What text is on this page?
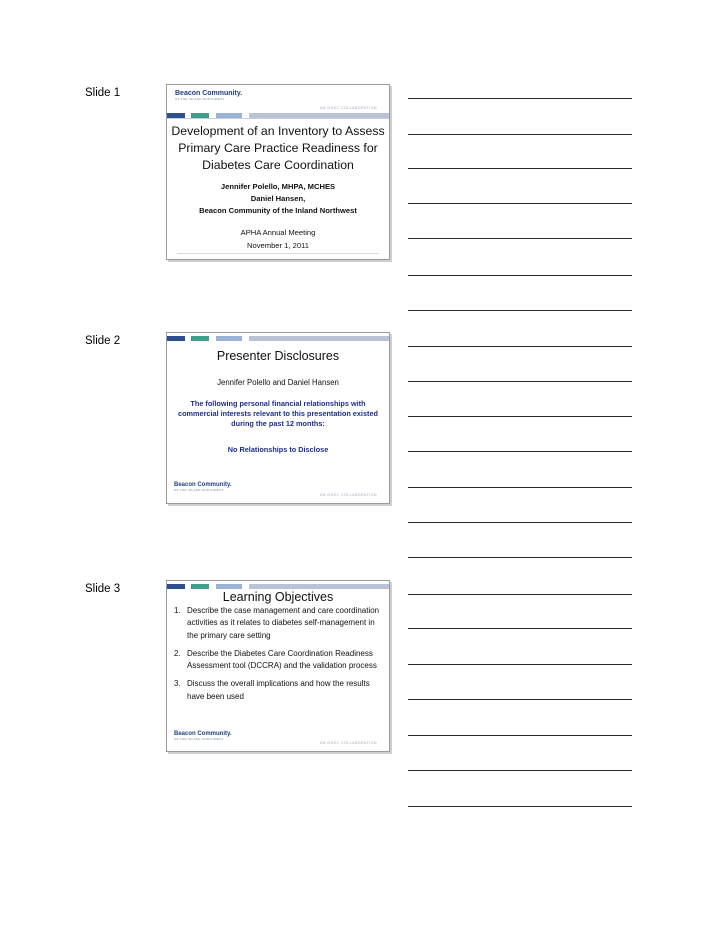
Slide 1	Beacon Community.
OF THE INLAND NORTHWEST
AN OHSC COLLABORATION
Development of an Inventory to Assess
Primary Care Practice Readiness for
Diabetes Care Coordination
Jennifer Polello, MHPA, MCHES
Daniel Hansen,
Beacon Community of the Inland Northwest
APHA Annual Meeting
November 1, 2011
Slide 2
Presenter Disclosures
Jennifer Polello and Daniel Hansen
The following personal financial relationships with commercial interests relevant to this presentation existed during the past 12 months:
No Relationships to Disclose
Beacon Community.
OF THE INLAND NORTHWEST
AN OHSC COLLABORATION
Slide 3
Learning Objectives
1. Describe the case management and care coordination activities as it relates to diabetes self-management in the primary care setting
2. Describe the Diabetes Care Coordination Readiness Assessment tool (DCCRA) and the validation process
3. Discuss the overall implications and how the results have been used
Beacon Community.
OF THE INLAND NORTHWEST
AN OHSC COLLABORATION
